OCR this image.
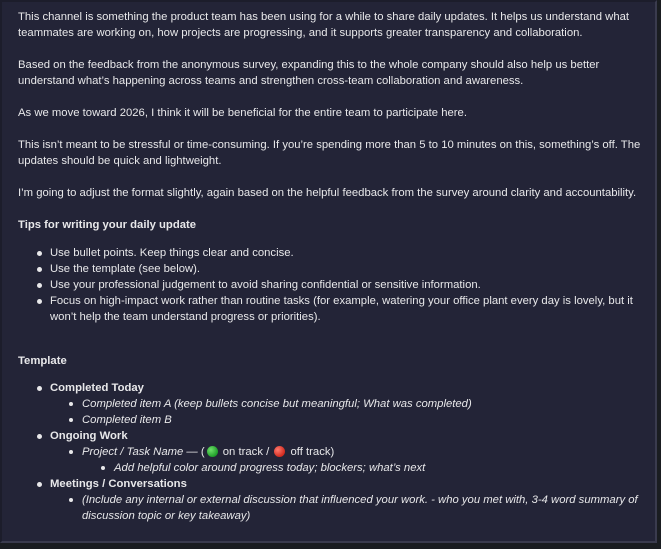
This channel is something the product team has been using for a while to share daily updates. It helps us understand what teammates are working on, how projects are progressing, and it supports greater transparency and collaboration.

Based on the feedback from the anonymous survey, expanding this to the whole company should also help us better understand what’s happening across teams and strengthen cross-team collaboration and awareness.

As we move toward 2026, I think it will be beneficial for the entire team to participate here.

This isn’t meant to be stressful or time-consuming. If you’re spending more than 5 to 10 minutes on this, something’s off. The updates should be quick and lightweight.

I’m going to adjust the format slightly, again based on the helpful feedback from the survey around clarity and accountability.

Tips for writing your daily update
Use bullet points. Keep things clear and concise.
Use the template (see below).
Use your professional judgement to avoid sharing confidential or sensitive information.
Focus on high-impact work rather than routine tasks (for example, watering your office plant every day is lovely, but it won’t help the team understand progress or priorities).
Template
Completed Today
Completed item A (keep bullets concise but meaningful; What was completed)
Completed item B
Ongoing Work
Project / Task Name — ( on track /  off track)
Add helpful color around progress today; blockers; what’s next
Meetings / Conversations
(Include any internal or external discussion that influenced your work. - who you met with, 3-4 word summary of discussion topic or key takeaway)
